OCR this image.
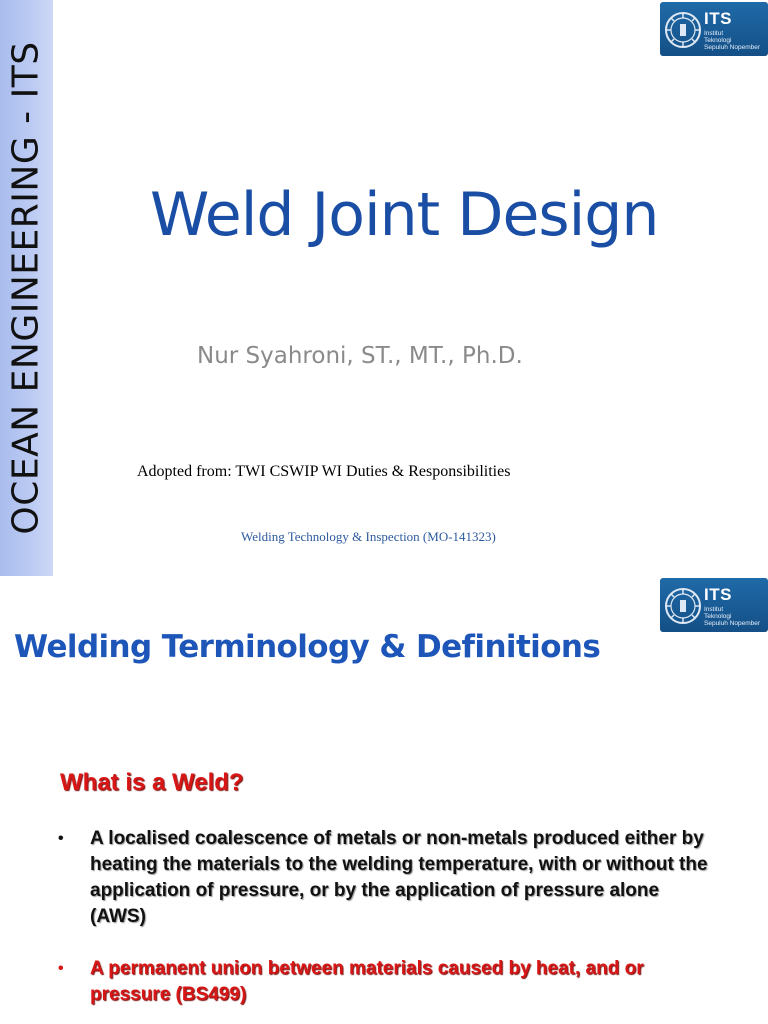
OCEAN ENGINEERING - ITS
ITS
Institut
Teknologi
Sepuluh Nopember
Weld Joint Design
Nur Syahroni, ST., MT., Ph.D.
Adopted from: TWI CSWIP WI Duties & Responsibilities
Welding Technology & Inspection (MO-141323)
ITS
Institut
Teknologi
Sepuluh Nopember
Welding Terminology & Definitions
What is a Weld?
• A localised coalescence of metals or non-metals produced either by heating the materials to the welding temperature, with or without the application of pressure, or by the application of pressure alone (AWS)
• A permanent union between materials caused by heat, and or pressure (BS499)
